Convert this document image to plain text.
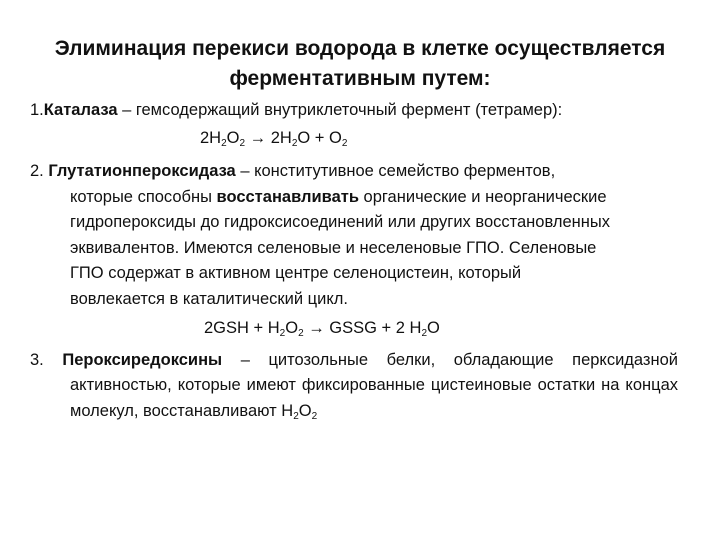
Элиминация перекиси водорода в клетке осуществляется
ферментативным путем:
1.Каталаза – гемсодержащий внутриклеточный фермент (тетрамер):
$2H_2O_2 \to 2H_2O + O_2$
2. Глутатионпероксидаза – конститутивное семейство ферментов,
которые способны восстанавливать органические и неорганические
гидропероксиды до гидроксисоединений или других восстановленных
эквивалентов. Имеются селеновые и неселеновые ГПО. Селеновые
ГПО содержат в активном центре селеноцистеин, который
вовлекается в каталитический цикл.
$2GSH + H_2O_2$ → GSSG + 2 $H_2O$
3. Пероксиредоксины – цитозольные белки, обладающие перксидазной активностью, которые имеют фиксированные цистеиновые остатки на концах молекул, восстанавливают $H_2O_2$
